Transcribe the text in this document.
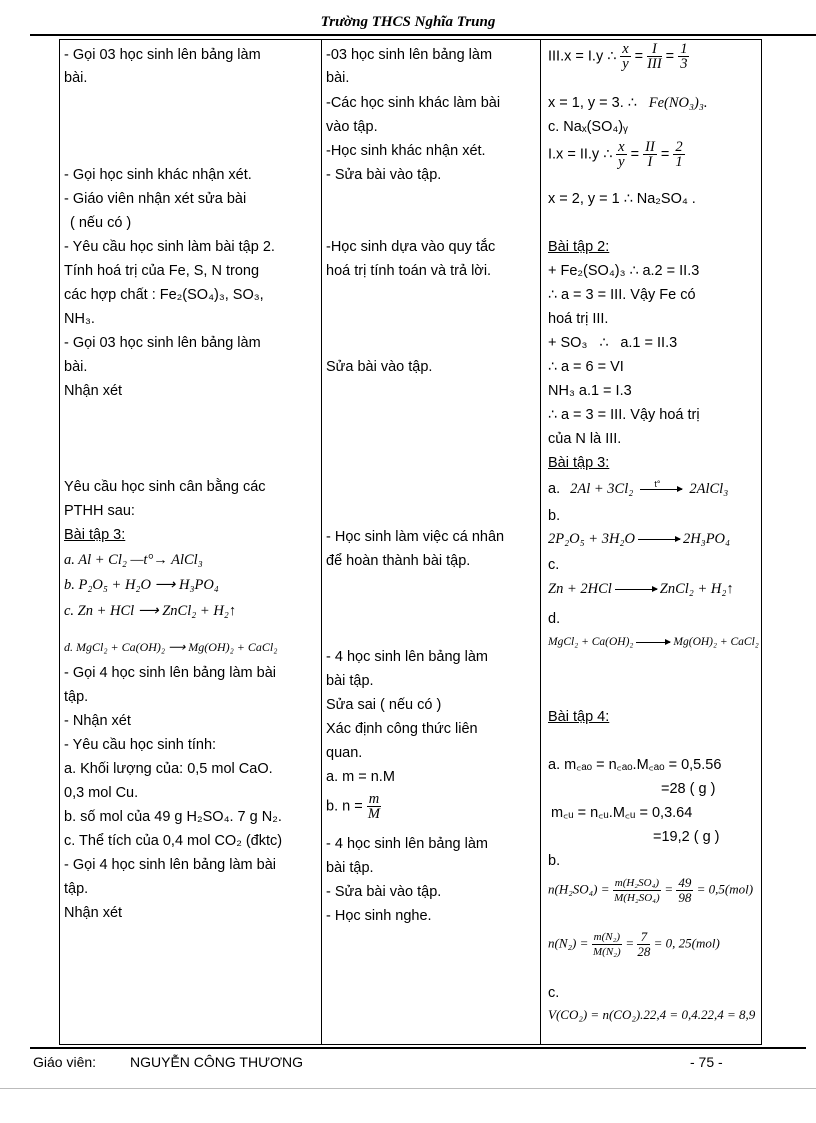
Trường THCS Nghĩa Trung
- Gọi 03 học sinh lên bảng làm
bài.
- Gọi học sinh khác nhận xét.
- Giáo viên nhận xét sửa bài
( nếu có )
- Yêu cầu học sinh làm bài tập 2.
Tính hoá trị của Fe, S, N trong
các hợp chất : Fe₂(SO₄)₃, SO₃,
NH₃.
- Gọi 03 học sinh lên bảng làm
bài.
Nhận xét
Yêu cầu học sinh cân bằng các
PTHH sau:
Bài tập 3:
a. Al + Cl₂ —t°→ AlCl₃
b. P₂O₅ + H₂O ⟶ H₃PO₄
c. Zn + HCl ⟶ ZnCl₂ + H₂↑
d. MgCl₂ + Ca(OH)₂ ⟶ Mg(OH)₂ + CaCl₂
- Gọi 4 học sinh lên bảng làm bài
tập.
- Nhận xét
- Yêu cầu học sinh tính:
a. Khối lượng của: 0,5 mol CaO.
0,3 mol Cu.
b. số mol của 49 g H₂SO₄. 7 g N₂.
c. Thể tích của 0,4 mol CO₂ (đktc)
- Gọi 4 học sinh lên bảng làm bài
tập.
Nhận xét
-03 học sinh lên bảng làm
bài.
-Các học sinh khác làm bài
vào tập.
-Học sinh khác nhận xét.
- Sửa bài vào tập.
-Học sinh dựa vào quy tắc
hoá trị tính toán và trả lời.
Sửa bài vào tập.
- Học sinh làm việc cá nhân
để hoàn thành bài tập.
- 4 học sinh lên bảng làm
bài tập.
Sửa sai ( nếu có )
Xác định công thức liên
quan.
a. m = n.M
b. $n = \frac{m}{M}$
- 4 học sinh lên bảng làm
bài tập.
- Sửa bài vào tập.
- Học sinh nghe.
III.x = I.y ∴ $\frac{x}{y} = I$
III = $\frac{1}{3}$
x = 1, y = 3. ∴ Fe(NO₃)₃.
c. Naₓ(SO₄)ᵧ
I.x = II.y ∴ $\frac{x}{y} = \frac{II}{I} = \frac{2}{1}$
x = 2, y = 1 ∴ Na₂SO₄ .
Bài tập 2:
+ Fe₂(SO₄)₃ ∴ a.2 = II.3
∴ a = 3 = III. Vậy Fe có
hoá trị III.
+ SO₃ ∴ a.1 = II.3
∴ a = 6 = VI
NH₃ a.1 = I.3
∴ a = 3 = III. Vậy hoá trị
của N là III.
Bài tập 3:
a. 2Al + 3Cl₂ t° 2AlCl₃
b.
2P₂O₅ + 3H₂O → 2H₃PO₄
c.
Zn + 2HCl → ZnCl₂ + H₂↑
d.
MgCl₂ + Ca(OH)₂ → Mg(OH)₂ + CaCl₂
Bài tập 4:
a. m꜀ₐₒ = n꜀ₐₒ.M꜀ₐₒ = 0,5.56
=28 ( g )
m꜀ᵤ = n꜀ᵤ.M꜀ᵤ = 0,3.64
=19,2 ( g )
b.
$n(H_2SO_4) = \frac{\text{m(H₂SO₄)}}{\text{M(H₂SO₄)}} = \frac{49}{98} = 0,5(mol)$
$n(N_2) = \frac{\text{m(N₂)}}{\text{M(N₂)}} = \frac{7}{28} = 0$, 25(mol)
c.
V(CO₂) = n(CO₂).22,4 = 0,4.22,4 = 8,9
Giáo viên: NGUYỄN CÔNG THƯƠNG	- 75 -
